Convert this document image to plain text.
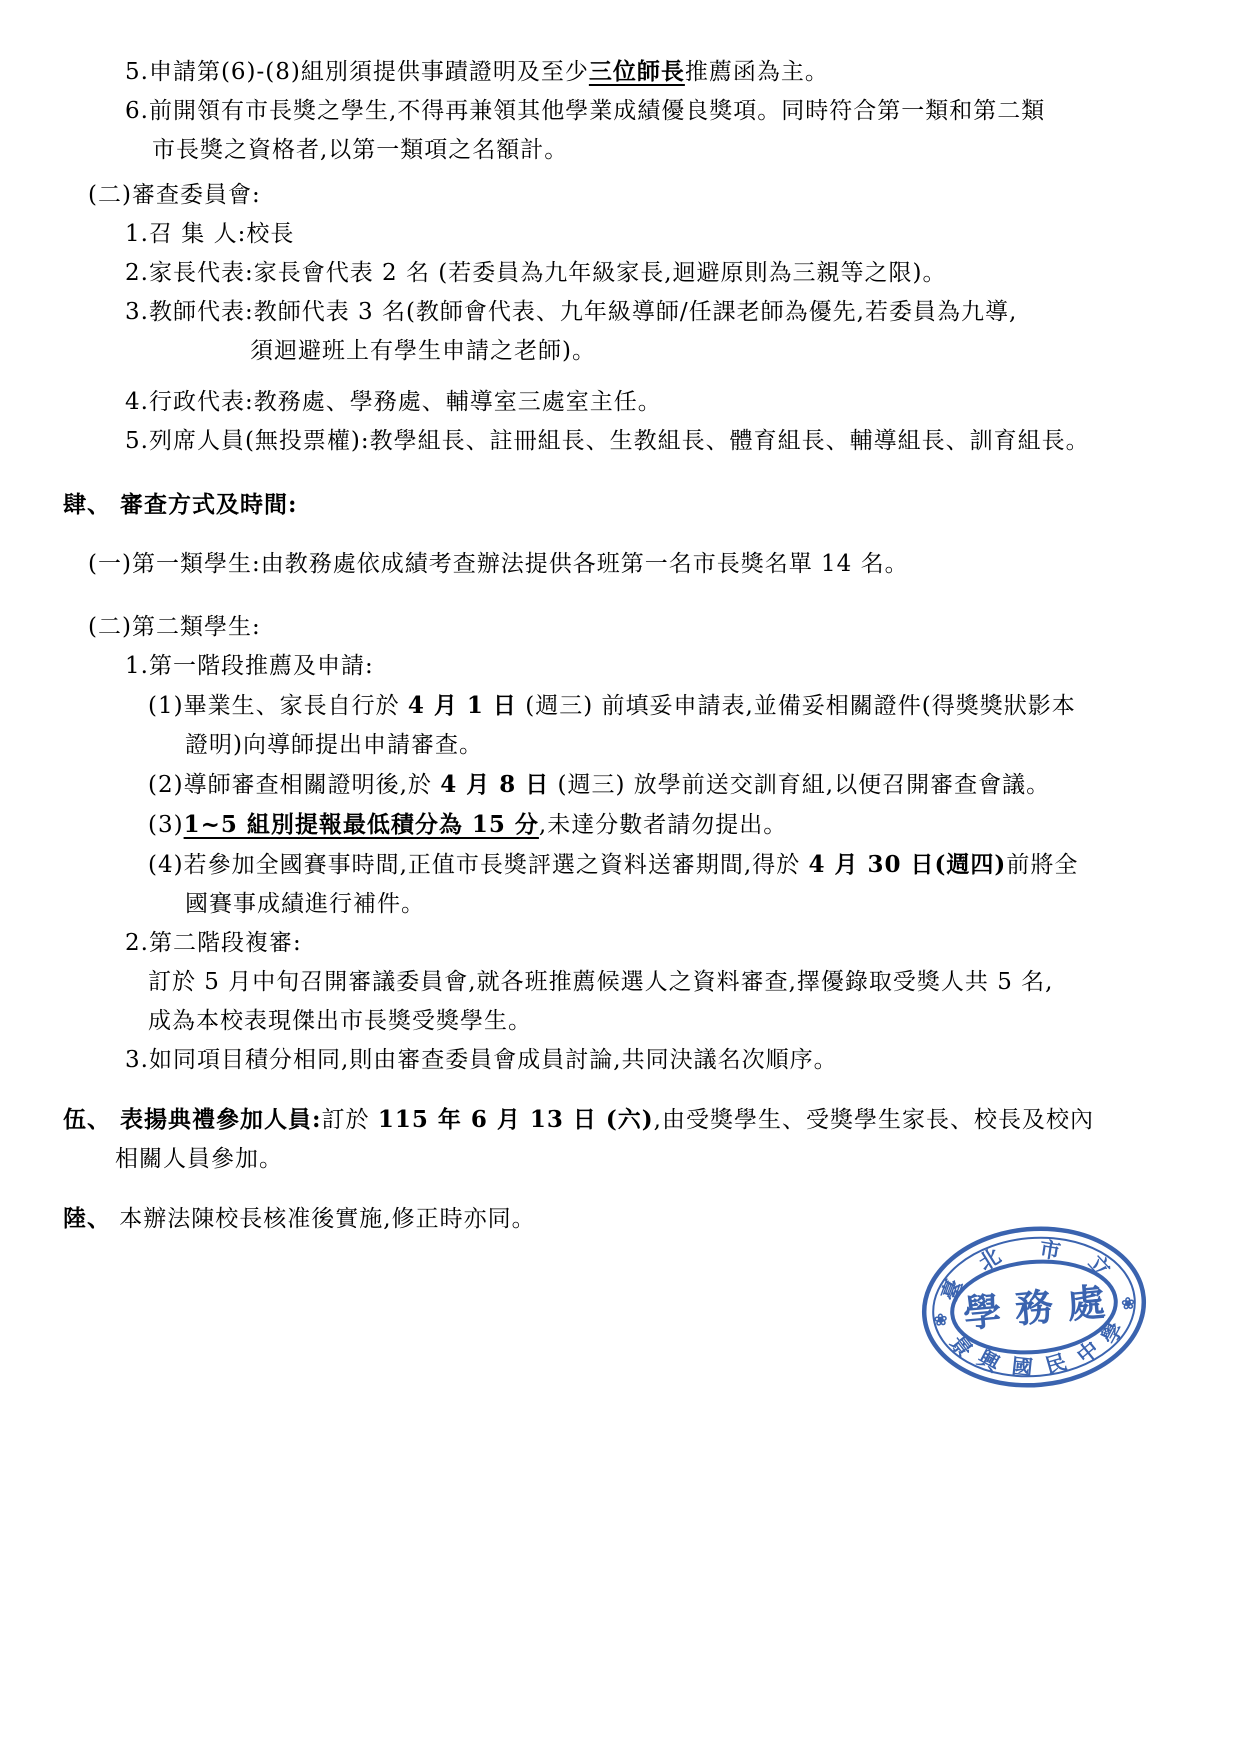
5.申請第(6)-(8)組別須提供事蹟證明及至少三位師長推薦函為主。
6.前開領有市長獎之學生,不得再兼領其他學業成績優良獎項。同時符合第一類和第二類
市長獎之資格者,以第一類項之名額計。
(二)審查委員會:
1.召 集 人:校長
2.家長代表:家長會代表 2 名 (若委員為九年級家長,迴避原則為三親等之限)。
3.教師代表:教師代表 3 名(教師會代表、九年級導師/任課老師為優先,若委員為九導,
須迴避班上有學生申請之老師)。
4.行政代表:教務處、學務處、輔導室三處室主任。
5.列席人員(無投票權):教學組長、註冊組長、生教組長、體育組長、輔導組長、訓育組長。
肆、 審查方式及時間:
(一)第一類學生:由教務處依成績考查辦法提供各班第一名市長獎名單 14 名。
(二)第二類學生:
1.第一階段推薦及申請:
(1)畢業生、家長自行於 4 月 1 日 (週三) 前填妥申請表,並備妥相關證件(得獎獎狀影本
證明)向導師提出申請審查。
(2)導師審查相關證明後,於 4 月 8 日 (週三) 放學前送交訓育組,以便召開審查會議。
(3)1~5 組別提報最低積分為 15 分,未達分數者請勿提出。
(4)若參加全國賽事時間,正值市長獎評選之資料送審期間,得於 4 月 30 日(週四)前將全
國賽事成績進行補件。
2.第二階段複審:
訂於 5 月中旬召開審議委員會,就各班推薦候選人之資料審查,擇優錄取受獎人共 5 名,
成為本校表現傑出市長獎受獎學生。
3.如同項目積分相同,則由審查委員會成員討論,共同決議名次順序。
伍、 表揚典禮參加人員:訂於 115 年 6 月 13 日 (六),由受獎學生、受獎學生家長、校長及校內
相關人員參加。
陸、 本辦法陳校長核准後實施,修正時亦同。
臺
北 市 立
學 務 處
景
興 國 民 中
學
❀
❀
